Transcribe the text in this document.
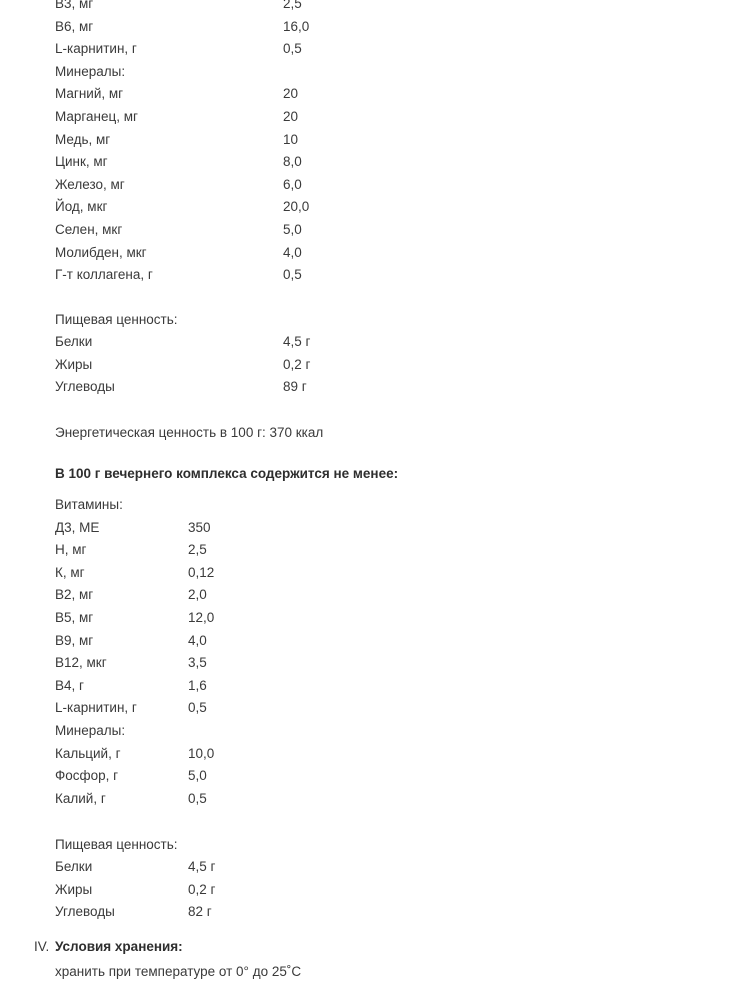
В3, мг	2,5
В6, мг	16,0
L-карнитин, г	0,5
Минералы:
Магний, мг	20
Марганец, мг	20
Медь, мг	10
Цинк, мг	8,0
Железо, мг	6,0
Йод, мкг	20,0
Селен, мкг	5,0
Молибден, мкг	4,0
Г-т коллагена, г	0,5
Пищевая ценность:
Белки	4,5 г
Жиры	0,2 г
Углеводы	89 г
Энергетическая ценность в 100 г: 370 ккал
В 100 г вечернего комплекса содержится не менее:
Витамины:
Д3, МЕ	350
Н, мг	2,5
К, мг	0,12
В2, мг	2,0
В5, мг	12,0
В9, мг	4,0
В12, мкг	3,5
В4, г	1,6
L-карнитин, г	0,5
Минералы:
Кальций, г	10,0
Фосфор, г	5,0
Калий, г	0,5
Пищевая ценность:
Белки	4,5 г
Жиры	0,2 г
Углеводы	82 г
IV. Условия хранения:
хранить при температуре от 0° до 25˚С
